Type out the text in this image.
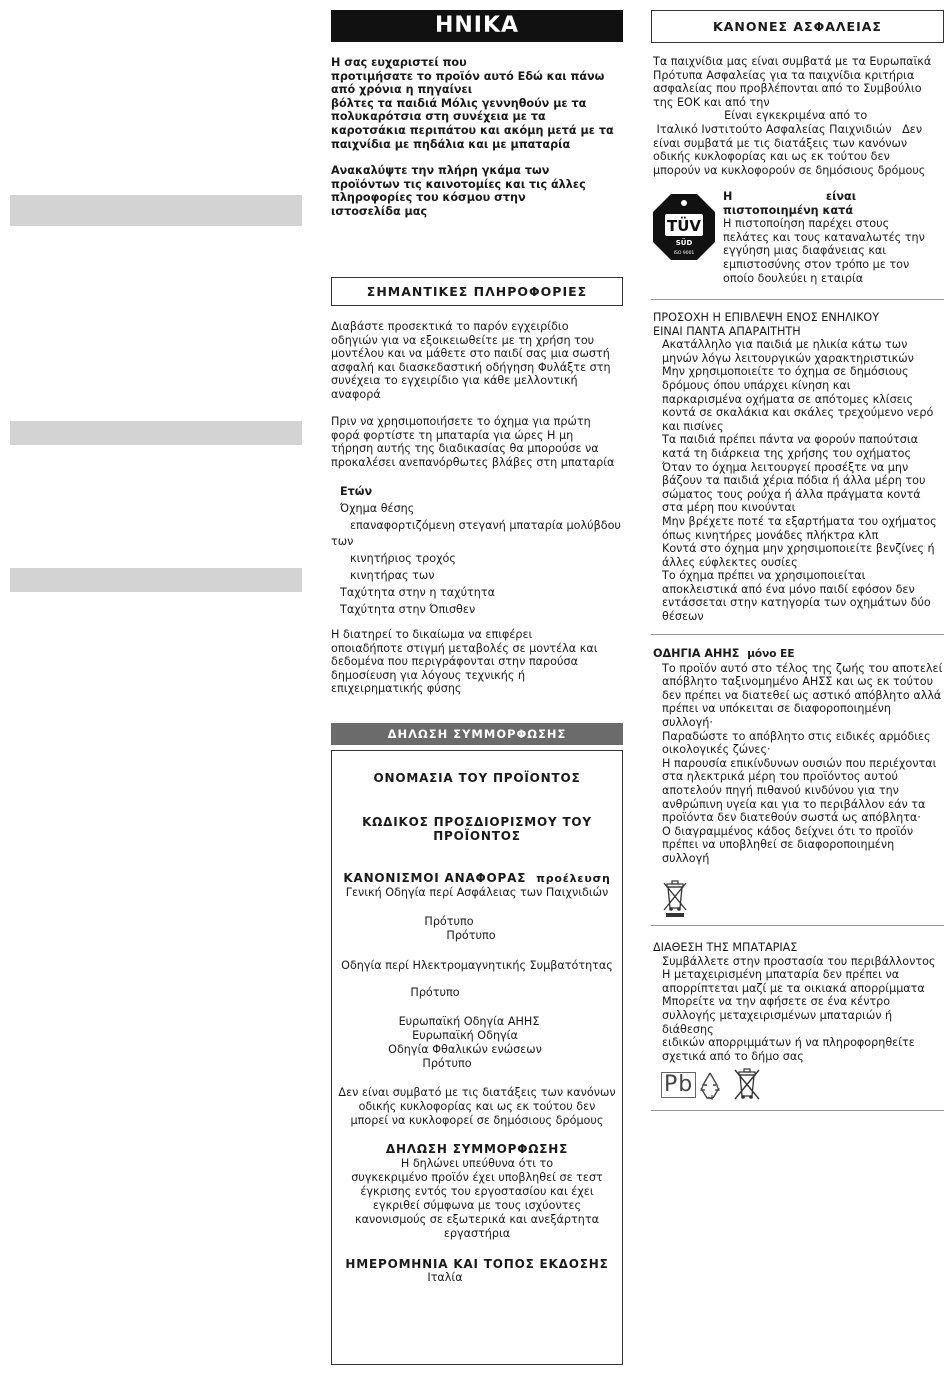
ΗΝΙΚΑ
Η σας ευχαριστεί που
προτιμήσατε το προϊόν αυτό Εδώ και πάνω
από χρόνια η πηγαίνει
βόλτες τα παιδιά Μόλις γεννηθούν με τα
πολυκαρότσια στη συνέχεια με τα
καροτσάκια περιπάτου και ακόμη μετά με τα
παιχνίδια με πηδάλια και με μπαταρία
Ανακαλύψτε την πλήρη γκάμα των
προϊόντων τις καινοτομίες και τις άλλες
πληροφορίες του κόσμου στην
ιστοσελίδα μας
ΣΗΜΑΝΤΙΚΕΣ ΠΛΗΡΟΦΟΡΙΕΣ
Διαβάστε προσεκτικά το παρόν εγχειρίδιο
οδηγιών για να εξοικειωθείτε με τη χρήση του
μοντέλου και να μάθετε στο παιδί σας μια σωστή
ασφαλή και διασκεδαστική οδήγηση Φυλάξτε στη
συνέχεια το εγχειρίδιο για κάθε μελλοντική
αναφορά
Πριν να χρησιμοποιήσετε το όχημα για πρώτη
φορά φορτίστε τη μπαταρία για ώρες Η μη
τήρηση αυτής της διαδικασίας θα μπορούσε να
προκαλέσει ανεπανόρθωτες βλάβες στη μπαταρία
Ετών
Όχημα θέσης
επαναφορτιζόμενη στεγανή μπαταρία μολύβδου
των
κινητήριος τροχός
κινητήρας των
Ταχύτητα στην η ταχύτητα
Ταχύτητα στην Όπισθεν
Η διατηρεί το δικαίωμα να επιφέρει
οποιαδήποτε στιγμή μεταβολές σε μοντέλα και
δεδομένα που περιγράφονται στην παρούσα
δημοσίευση για λόγους τεχνικής ή
επιχειρηματικής φύσης
ΔΗΛΩΣΗ ΣΥΜΜΟΡΦΩΣΗΣ

ΟΝΟΜΑΣΙΑ ΤΟΥ ΠΡΟΪΟΝΤΟΣ

ΚΩΔΙΚΟΣ ΠΡΟΣΔΙΟΡΙΣΜΟΥ ΤΟΥ ΠΡΟΪΟΝΤΟΣ

ΚΑΝΟΝΙΣΜΟΙ ΑΝΑΦΟΡΑΣ προέλευση

Γενική Οδηγία περί Ασφάλειας των Παιχνιδιών

Πρότυπο

Πρότυπο

Οδηγία περί Ηλεκτρομαγνητικής Συμβατότητας

Πρότυπο

Ευρωπαϊκή Οδηγία ΑΗΗΣ

Ευρωπαϊκή Οδηγία

Οδηγία Φθαλικών ενώσεων

Πρότυπο

Δεν είναι συμβατό με τις διατάξεις των κανόνων

οδικής κυκλοφορίας και ως εκ τούτου δεν

μπορεί να κυκλοφορεί σε δημόσιους δρόμους

ΔΗΛΩΣΗ ΣΥΜΜΟΡΦΩΣΗΣ

Η δηλώνει υπεύθυνα ότι το

συγκεκριμένο προϊόν έχει υποβληθεί σε τεστ

έγκρισης εντός του εργοστασίου και έχει

εγκριθεί σύμφωνα με τους ισχύοντες

κανονισμούς σε εξωτερικά και ανεξάρτητα

εργαστήρια

ΗΜΕΡΟΜΗΝΙΑ ΚΑΙ ΤΟΠΟΣ ΕΚΔΟΣΗΣ

Ιταλία

ΚΑΝΟΝΕΣ ΑΣΦΑΛΕΙΑΣ
Τα παιχνίδια μας είναι συμβατά με τα Ευρωπαϊκά
Πρότυπα Ασφαλείας για τα παιχνίδια κριτήρια
ασφαλείας που προβλέπονται από το Συμβούλιο
της ΕΟΚ και από την
Είναι εγκεκριμένα από το
Ιταλικό Ινστιτούτο Ασφαλείας Παιχνιδιών   Δεν
είναι συμβατά με τις διατάξεις των κανόνων
οδικής κυκλοφορίας και ως εκ τούτου δεν
μπορούν να κυκλοφορούν σε δημόσιους δρόμους
TÜV
SÜD
ISO 9001
Η                        είναι
πιστοποιημένη κατά
Η πιστοποίηση παρέχει στους
πελάτες και τους καταναλωτές την
εγγύηση μιας διαφάνειας και
εμπιστοσύνης στον τρόπο με τον
οποίο δουλεύει η εταιρία
ΠΡΟΣΟΧΗ Η ΕΠΙΒΛΕΨΗ ΕΝΟΣ ΕΝΗΛΙΚΟΥ
ΕΙΝΑΙ ΠΑΝΤΑ ΑΠΑΡΑΙΤΗΤΗ
Ακατάλληλο για παιδιά με ηλικία κάτω των
μηνών λόγω λειτουργικών χαρακτηριστικών
Μην χρησιμοποιείτε το όχημα σε δημόσιους
δρόμους όπου υπάρχει κίνηση και
παρκαρισμένα οχήματα σε απότομες κλίσεις
κοντά σε σκαλάκια και σκάλες τρεχούμενο νερό
και πισίνες
Τα παιδιά πρέπει πάντα να φορούν παπούτσια
κατά τη διάρκεια της χρήσης του οχήματος
Όταν το όχημα λειτουργεί προσέξτε να μην
βάζουν τα παιδιά χέρια πόδια ή άλλα μέρη του
σώματος τους ρούχα ή άλλα πράγματα κοντά
στα μέρη που κινούνται
Μην βρέχετε ποτέ τα εξαρτήματα του οχήματος
όπως κινητήρες μονάδες πλήκτρα κλπ
Κοντά στο όχημα μην χρησιμοποιείτε βενζίνες ή
άλλες εύφλεκτες ουσίες
Το όχημα πρέπει να χρησιμοποιείται
αποκλειστικά από ένα μόνο παιδί εφόσον δεν
εντάσσεται στην κατηγορία των οχημάτων δύο
θέσεων
ΟΔΗΓΙΑ ΑΗΗΣ μόνο ΕΕ
Το προϊόν αυτό στο τέλος της ζωής του αποτελεί
απόβλητο ταξινομημένο ΑΗΣΣ και ως εκ τούτου
δεν πρέπει να διατεθεί ως αστικό απόβλητο αλλά
πρέπει να υπόκειται σε διαφοροποιημένη
συλλογή·
Παραδώστε το απόβλητο στις ειδικές αρμόδιες
οικολογικές ζώνες·
Η παρουσία επικίνδυνων ουσιών που περιέχονται
στα ηλεκτρικά μέρη του προϊόντος αυτού
αποτελούν πηγή πιθανού κινδύνου για την
ανθρώπινη υγεία και για το περιβάλλον εάν τα
προϊόντα δεν διατεθούν σωστά ως απόβλητα·
Ο διαγραμμένος κάδος δείχνει ότι το προϊόν
πρέπει να υποβληθεί σε διαφοροποιημένη
συλλογή
ΔΙΑΘΕΣΗ ΤΗΣ ΜΠΑΤΑΡΙΑΣ
Συμβάλλετε στην προστασία του περιβάλλοντος
Η μεταχειρισμένη μπαταρία δεν πρέπει να
απορρίπτεται μαζί με τα οικιακά απορρίμματα
Μπορείτε να την αφήσετε σε ένα κέντρο
συλλογής μεταχειρισμένων μπαταριών ή διάθεσης
ειδικών απορριμμάτων ή να πληροφορηθείτε
σχετικά από το δήμο σας
Pb
